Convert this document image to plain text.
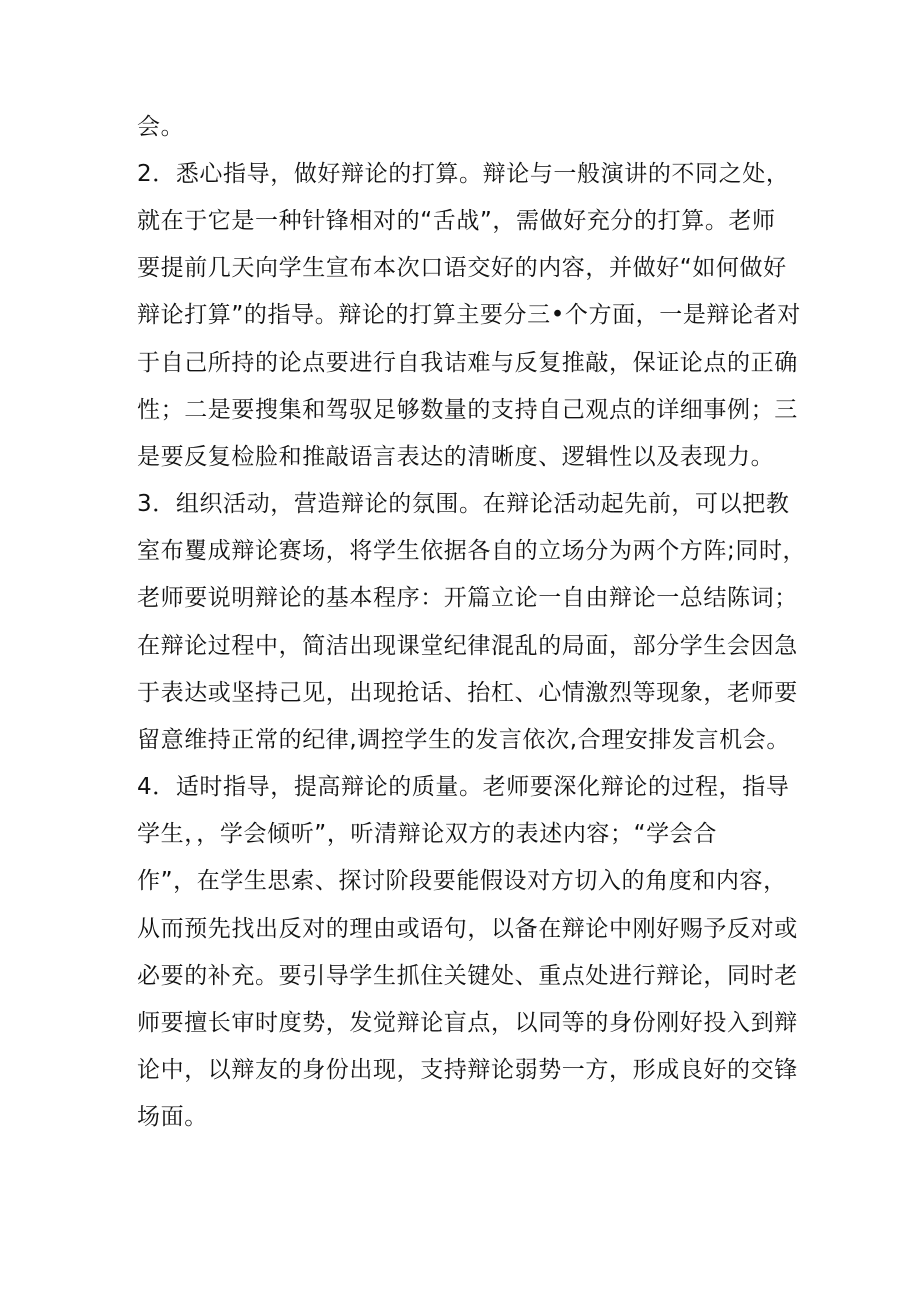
会。
2．悉心指导，做好辩论的打算。辩论与一般演讲的不同之处，
就在于它是一种针锋相对的“舌战”，需做好充分的打算。老师
要提前几天向学生宣布本次口语交好的内容，并做好“如何做好
辩论打算”的指导。辩论的打算主要分三•个方面，一是辩论者对
于自己所持的论点要进行自我诘难与反复推敲，保证论点的正确
性；二是要搜集和驾驭足够数量的支持自己观点的详细事例；三
是要反复检脸和推敲语言表达的清晰度、逻辑性以及表现力。
3．组织活动，营造辩论的氛围。在辩论活动起先前，可以把教
室布矍成辩论赛场，将学生依据各自的立场分为两个方阵;同时，
老师要说明辩论的基本程序：开篇立论一自由辩论一总结陈词；
在辩论过程中，简洁出现课堂纪律混乱的局面，部分学生会因急
于表达或坚持己见，出现抢话、抬杠、心情激烈等现象，老师要
留意维持正常的纪律,调控学生的发言依次,合理安排发言机会。
4．适时指导，提高辩论的质量。老师要深化辩论的过程，指导
学生，，学会倾听”，听清辩论双方的表述内容；“学会合
作”，在学生思索、探讨阶段要能假设对方切入的角度和内容，
从而预先找出反对的理由或语句，以备在辩论中刚好赐予反对或
必要的补充。要引导学生抓住关键处、重点处进行辩论，同时老
师要擅长审时度势，发觉辩论盲点，以同等的身份刚好投入到辩
论中，以辩友的身份出现，支持辩论弱势一方，形成良好的交锋
场面。
